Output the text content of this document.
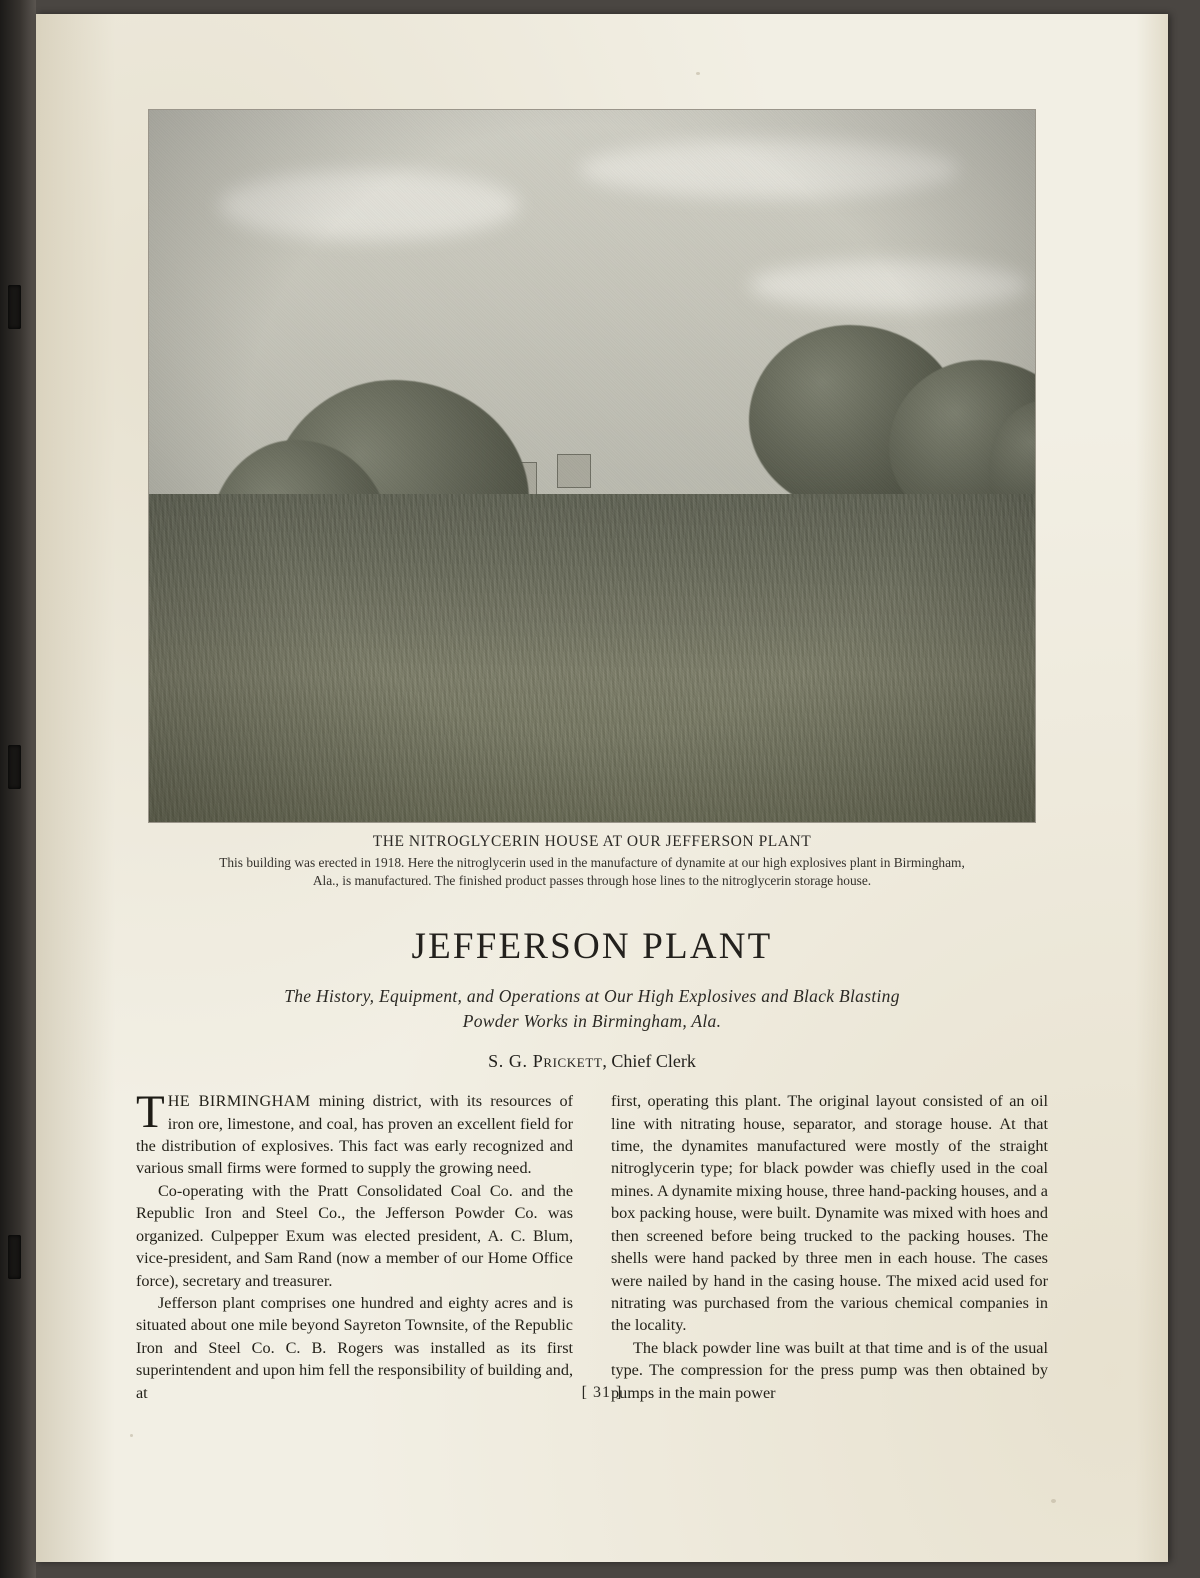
THE NITROGLYCERIN HOUSE AT OUR JEFFERSON PLANT
This building was erected in 1918. Here the nitroglycerin used in the manufacture of dynamite at our high explosives plant in Birmingham,
Ala., is manufactured. The finished product passes through hose lines to the nitroglycerin storage house.
JEFFERSON PLANT
The History, Equipment, and Operations at Our High Explosives and Black Blasting
Powder Works in Birmingham, Ala.
S. G. Prickett, Chief Clerk

THE BIRMINGHAM mining district, with its resources of iron ore, limestone, and coal, has proven an excellent field for the distribution of explosives. This fact was early recognized and various small firms were formed to supply the growing need.

Co-operating with the Pratt Consolidated Coal Co. and the Republic Iron and Steel Co., the Jefferson Powder Co. was organized. Culpepper Exum was elected president, A. C. Blum, vice-president, and Sam Rand (now a member of our Home Office force), secretary and treasurer.

Jefferson plant comprises one hundred and eighty acres and is situated about one mile beyond Sayreton Townsite, of the Republic Iron and Steel Co. C. B. Rogers was installed as its first superintendent and upon him fell the responsibility of building and, at

first, operating this plant. The original layout consisted of an oil line with nitrating house, separator, and storage house. At that time, the dynamites manufactured were mostly of the straight nitroglycerin type; for black powder was chiefly used in the coal mines. A dynamite mixing house, three hand-packing houses, and a box packing house, were built. Dynamite was mixed with hoes and then screened before being trucked to the packing houses. The shells were hand packed by three men in each house. The cases were nailed by hand in the casing house. The mixed acid used for nitrating was purchased from the various chemical companies in the locality.

The black powder line was built at that time and is of the usual type. The compression for the press pump was then obtained by pumps in the main power

[ 31 ]
